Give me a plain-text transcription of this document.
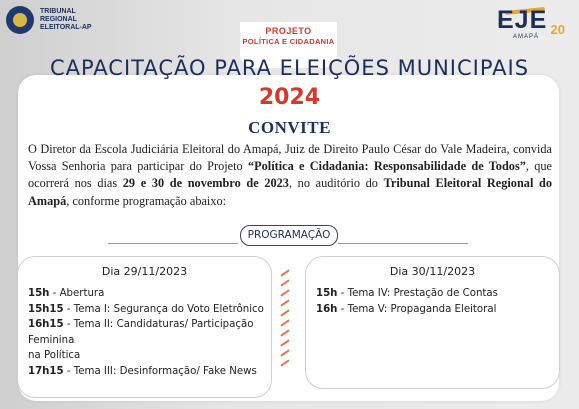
TRIBUNAL
REGIONAL
ELEITORAL-AP	EJE 20
AMAPÁ
PROJETO
POLÍTICA E CIDADANIA
CAPACITAÇÃO PARA ELEIÇÕES MUNICIPAIS
2024
CONVITE
O Diretor da Escola Judiciária Eleitoral do Amapá, Juiz de Direito Paulo César do Vale Madeira, convida Vossa Senhoria para participar do Projeto “Política e Cidadania: Responsabilidade de Todos”, que ocorrerá nos dias 29 e 30 de novembro de 2023, no auditório do Tribunal Eleitoral Regional do Amapá, conforme programação abaixo:
PROGRAMAÇÃO
Dia 29/11/2023
15h - Abertura
15h15 - Tema I: Segurança do Voto Eletrônico
16h15 - Tema II: Candidaturas/ Participação Feminina
na Política
17h15 - Tema III: Desinformação/ Fake News
Dia 30/11/2023
15h - Tema IV: Prestação de Contas
16h - Tema V: Propaganda Eleitoral
